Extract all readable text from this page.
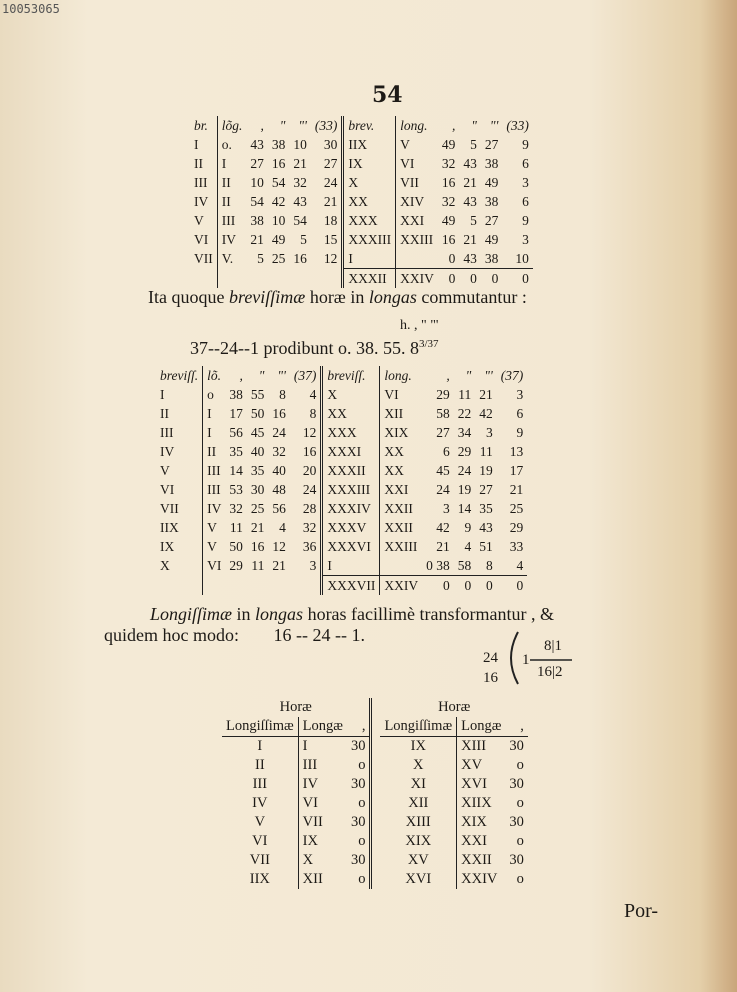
10053065
54
br.	lõg.	,	"	"'	(33)	brev.	long.	,	"	"'	(33)
I	o.	43	38	10	30	IIX	V	49	5	27	9
II	I	27	16	21	27	IX	VI	32	43	38	6
III	II	10	54	32	24	X	VII	16	21	49	3
IV	II	54	42	43	21	XX	XIV	32	43	38	6
V	III	38	10	54	18	XXX	XXI	49	5	27	9
VI	IV	21	49	5	15	XXXIII	XXIII	16	21	49	3
VII	V.	5	25	16	12	I		0	43	38	10
						XXXII	XXIV	0	0	0	0
Ita quoque breviſſimæ horæ in longas commutantur :
h. , " "'
37--24--1 prodibunt o. 38. 55. $8^{3/37}$
breviſſ.	lõ.	,	"	"'	(37)	breviſſ.	long.	,	"	"'	(37)
I	o	38	55	8	4	X	VI	29	11	21	3
II	I	17	50	16	8	XX	XII	58	22	42	6
III	I	56	45	24	12	XXX	XIX	27	34	3	9
IV	II	35	40	32	16	XXXI	XX	6	29	11	13
V	III	14	35	40	20	XXXII	XX	45	24	19	17
VI	III	53	30	48	24	XXXIII	XXI	24	19	27	21
VII	IV	32	25	56	28	XXXIV	XXII	3	14	35	25
IIX	V	11	21	4	32	XXXV	XXII	42	9	43	29
IX	V	50	16	12	36	XXXVI	XXIII	21	4	51	33
X	VI	29	11	21	3	I		0 38	58	8	4
						XXXVII	XXIV	0	0	0	0
Longiſſimæ in longas horas facillimè transformantur , &
quidem hoc modo: 16 -- 24 -- 1.
24
16
1
8|1
16|2
Horæ				Horæ		
Longiſſimæ	Longæ	,		Longiſſimæ	Longæ	,
I	I	30		IX	XIII	30
II	III	o		X	XV	o
III	IV	30		XI	XVI	30
IV	VI	o		XII	XIIX	o
V	VII	30		XIII	XIX	30
VI	IX	o		XIX	XXI	o
VII	X	30		XV	XXII	30
IIX	XII	o		XVI	XXIV	o
Por-
